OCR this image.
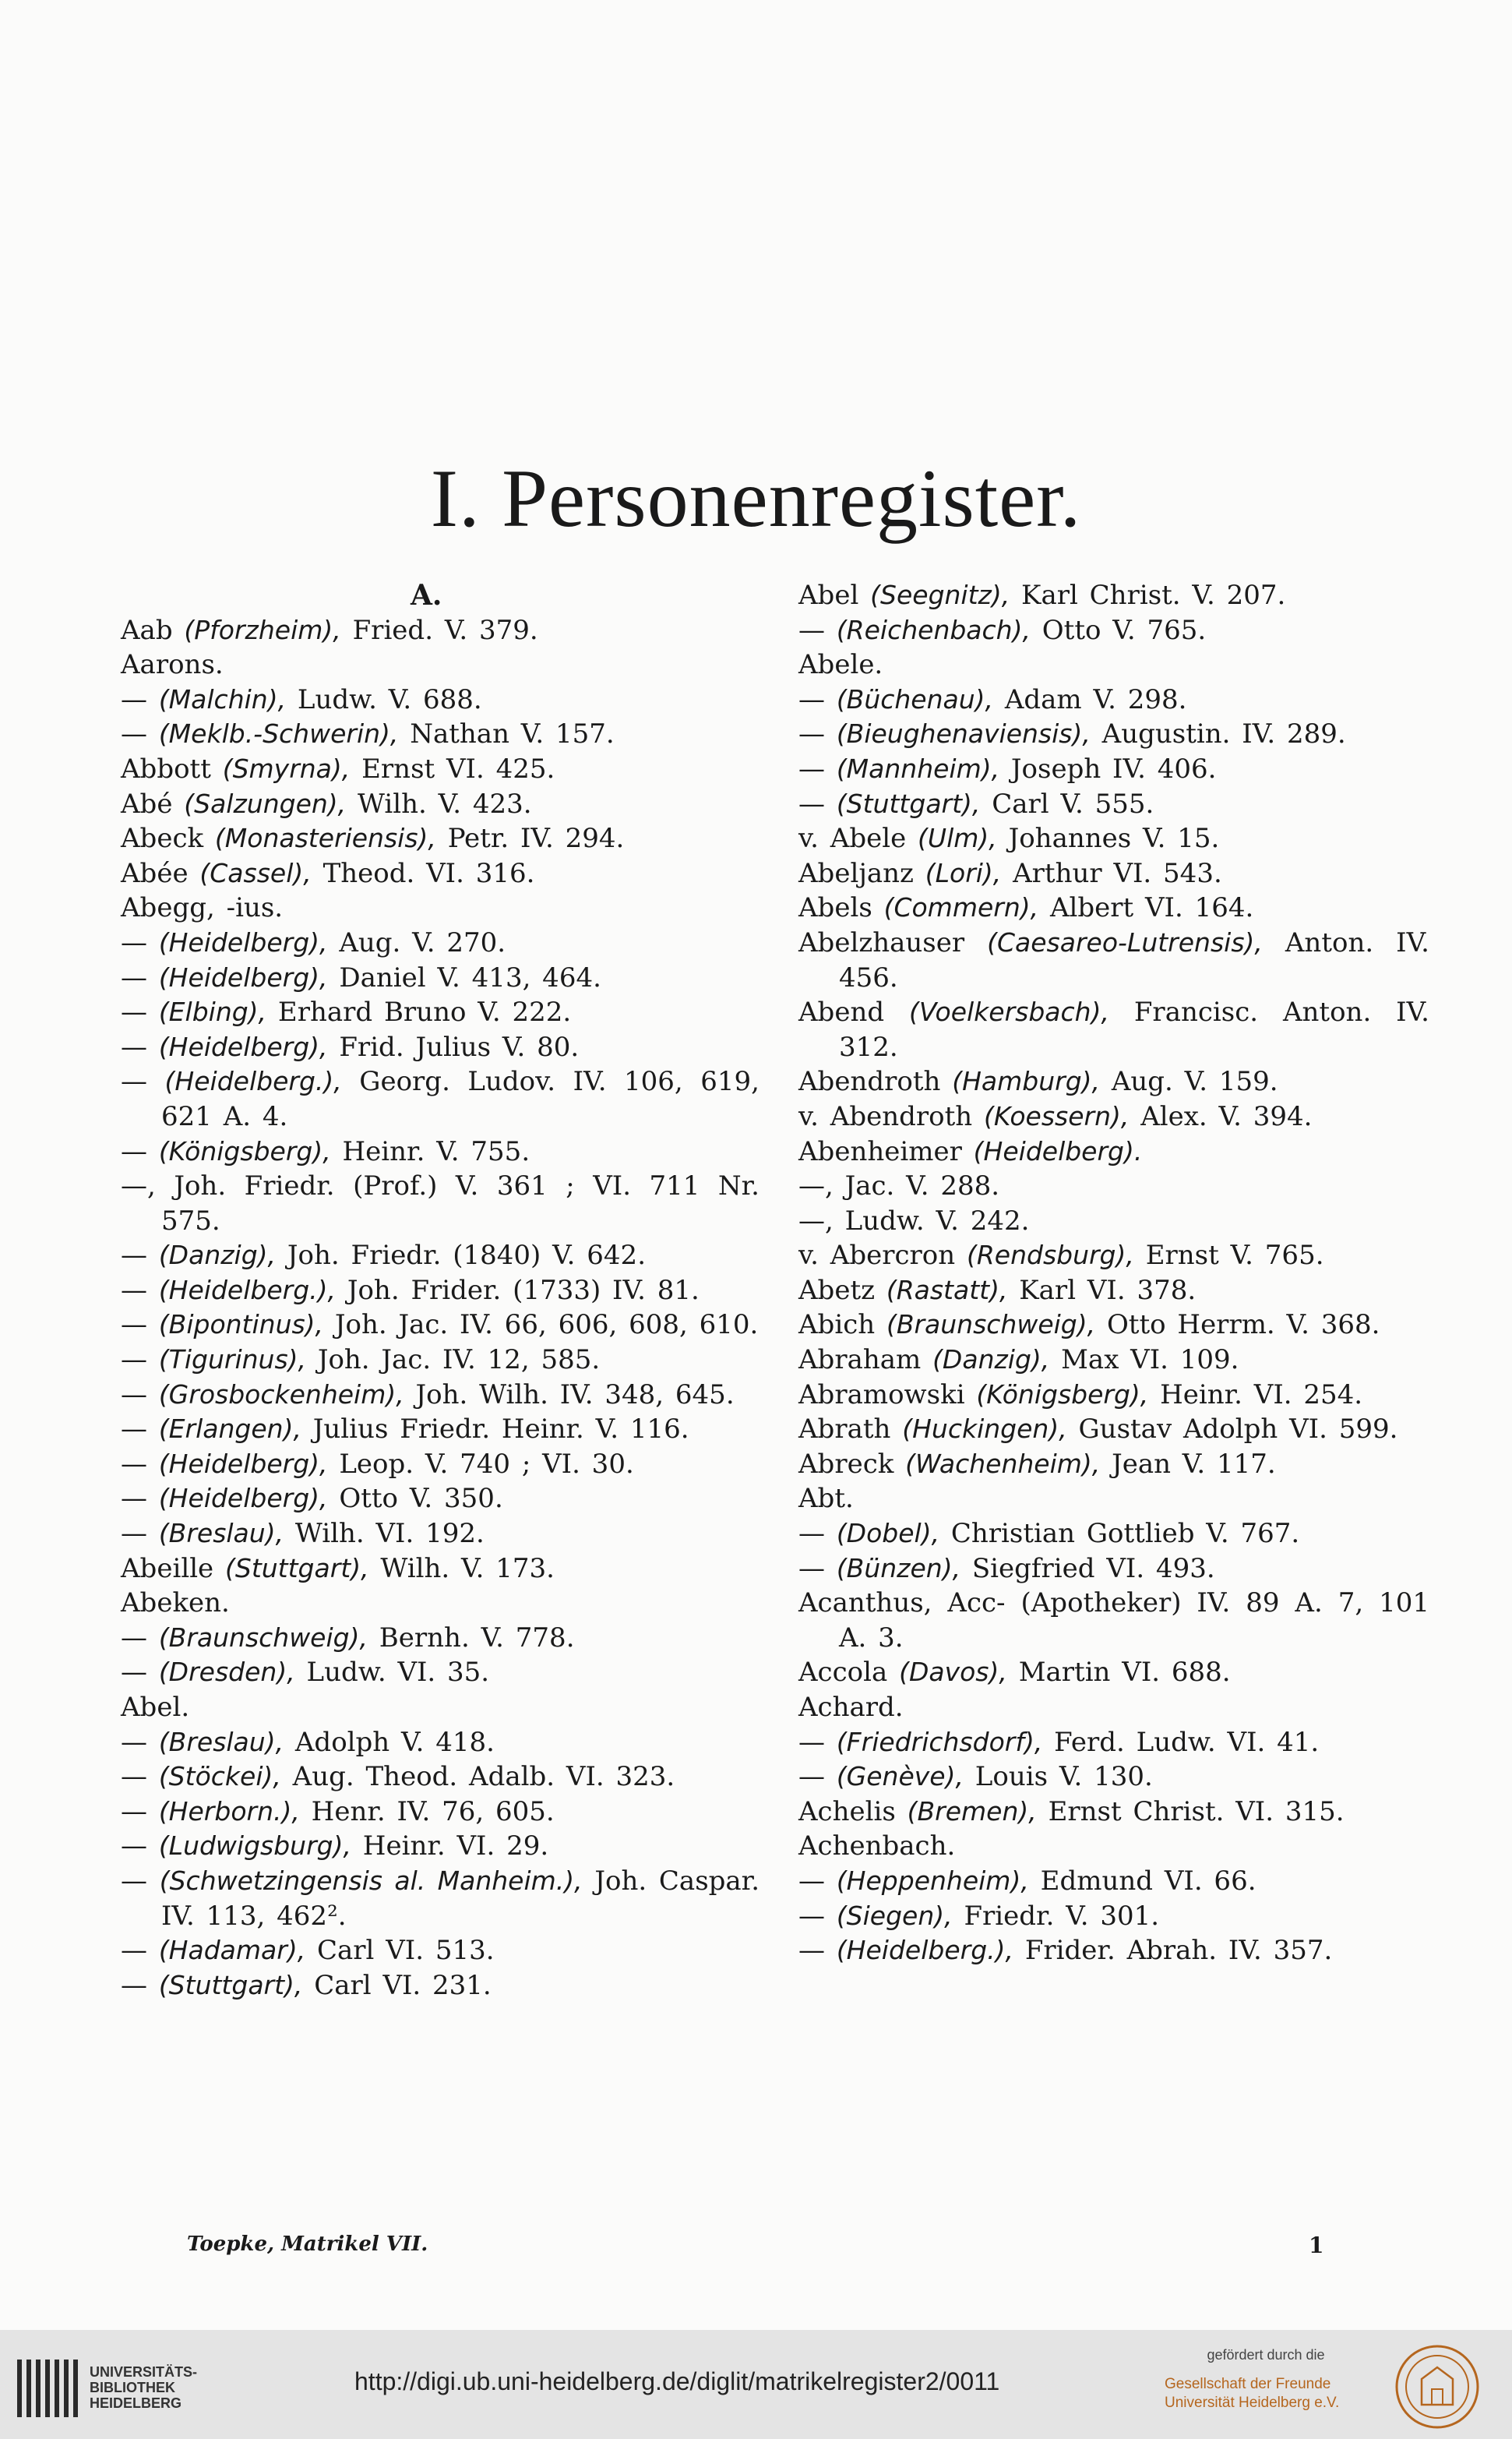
I. Personenregister.
A.
Aab (Pforzheim), Fried. V. 379.
Aarons.
— (Malchin), Ludw. V. 688.
— (Meklb.-Schwerin), Nathan V. 157.
Abbott (Smyrna), Ernst VI. 425.
Abé (Salzungen), Wilh. V. 423.
Abeck (Monasteriensis), Petr. IV. 294.
Abée (Cassel), Theod. VI. 316.
Abegg, -ius.
— (Heidelberg), Aug. V. 270.
— (Heidelberg), Daniel V. 413, 464.
— (Elbing), Erhard Bruno V. 222.
— (Heidelberg), Frid. Julius V. 80.
— (Heidelberg.), Georg. Ludov. IV. 106, 619, 621 A. 4.
— (Königsberg), Heinr. V. 755.
—, Joh. Friedr. (Prof.) V. 361 ; VI. 711 Nr. 575.
— (Danzig), Joh. Friedr. (1840) V. 642.
— (Heidelberg.), Joh. Frider. (1733) IV. 81.
— (Bipontinus), Joh. Jac. IV. 66, 606, 608, 610.
— (Tigurinus), Joh. Jac. IV. 12, 585.
— (Grosbockenheim), Joh. Wilh. IV. 348, 645.
— (Erlangen), Julius Friedr. Heinr. V. 116.
— (Heidelberg), Leop. V. 740 ; VI. 30.
— (Heidelberg), Otto V. 350.
— (Breslau), Wilh. VI. 192.
Abeille (Stuttgart), Wilh. V. 173.
Abeken.
— (Braunschweig), Bernh. V. 778.
— (Dresden), Ludw. VI. 35.
Abel.
— (Breslau), Adolph V. 418.
— (Stöckei), Aug. Theod. Adalb. VI. 323.
— (Herborn.), Henr. IV. 76, 605.
— (Ludwigsburg), Heinr. VI. 29.
— (Schwetzingensis al. Manheim.), Joh. Caspar. IV. 113, 462².
— (Hadamar), Carl VI. 513.
— (Stuttgart), Carl VI. 231.
Abel (Seegnitz), Karl Christ. V. 207.
— (Reichenbach), Otto V. 765.
Abele.
— (Büchenau), Adam V. 298.
— (Bieughenaviensis), Augustin. IV. 289.
— (Mannheim), Joseph IV. 406.
— (Stuttgart), Carl V. 555.
v. Abele (Ulm), Johannes V. 15.
Abeljanz (Lori), Arthur VI. 543.
Abels (Commern), Albert VI. 164.
Abelzhauser (Caesareo-Lutrensis), Anton. IV. 456.
Abend (Voelkersbach), Francisc. Anton. IV. 312.
Abendroth (Hamburg), Aug. V. 159.
v. Abendroth (Koessern), Alex. V. 394.
Abenheimer (Heidelberg).
—, Jac. V. 288.
—, Ludw. V. 242.
v. Abercron (Rendsburg), Ernst V. 765.
Abetz (Rastatt), Karl VI. 378.
Abich (Braunschweig), Otto Herrm. V. 368.
Abraham (Danzig), Max VI. 109.
Abramowski (Königsberg), Heinr. VI. 254.
Abrath (Huckingen), Gustav Adolph VI. 599.
Abreck (Wachenheim), Jean V. 117.
Abt.
— (Dobel), Christian Gottlieb V. 767.
— (Bünzen), Siegfried VI. 493.
Acanthus, Acc- (Apotheker) IV. 89 A. 7, 101 A. 3.
Accola (Davos), Martin VI. 688.
Achard.
— (Friedrichsdorf), Ferd. Ludw. VI. 41.
— (Genève), Louis V. 130.
Achelis (Bremen), Ernst Christ. VI. 315.
Achenbach.
— (Heppenheim), Edmund VI. 66.
— (Siegen), Friedr. V. 301.
— (Heidelberg.), Frider. Abrah. IV. 357.
Toepke, Matrikel VII.	1
UNIVERSITÄTS-
BIBLIOTHEK
HEIDELBERG
http://digi.ub.uni-heidelberg.de/diglit/matrikelregister2/0011
gefördert durch die
Gesellschaft der Freunde
Universität Heidelberg e.V.
